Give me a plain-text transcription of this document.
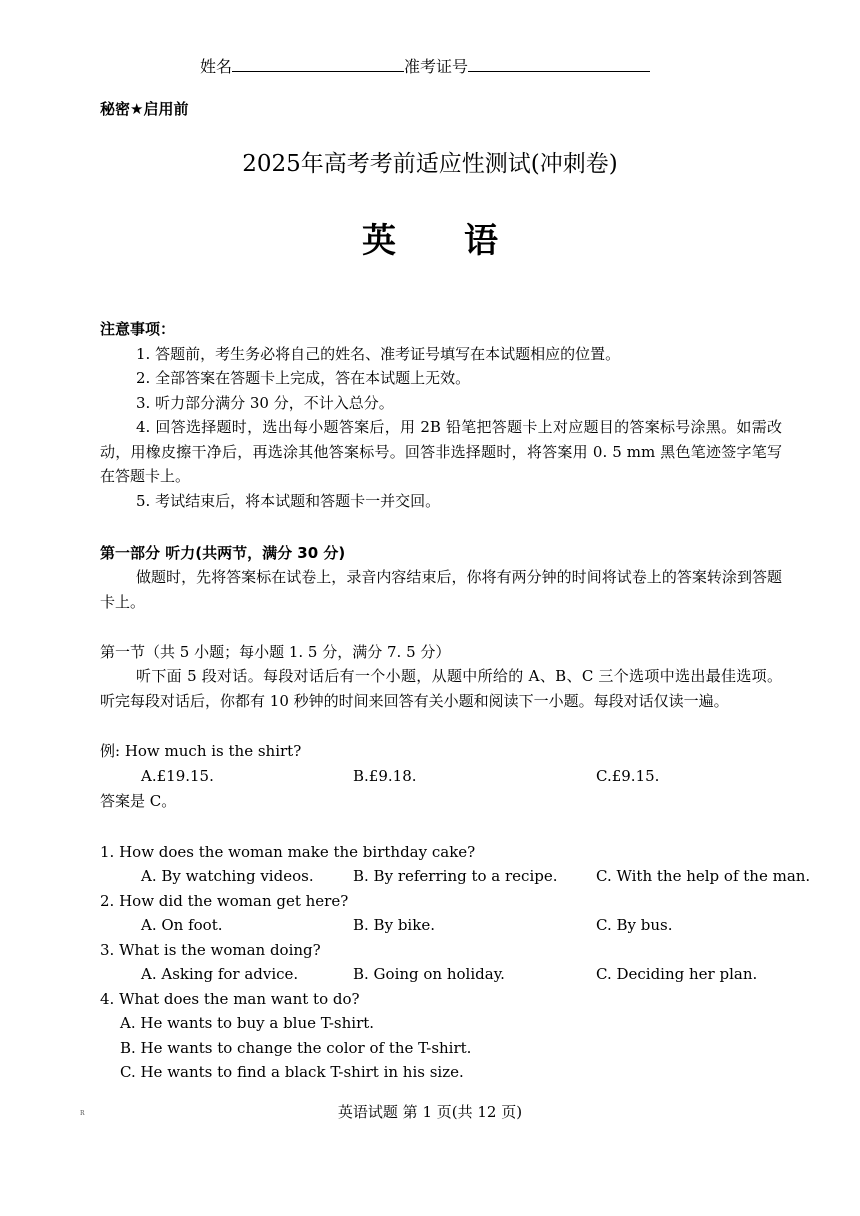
姓名	准考证号
秘密★启用前
2025年高考考前适应性测试(冲刺卷)
英　　语
注意事项：
1. 答题前，考生务必将自己的姓名、准考证号填写在本试题相应的位置。
2. 全部答案在答题卡上完成，答在本试题上无效。
3. 听力部分满分 30 分，不计入总分。
4. 回答选择题时，选出每小题答案后，用 2B 铅笔把答题卡上对应题目的答案标号涂黑。如需改动，用橡皮擦干净后，再选涂其他答案标号。回答非选择题时，将答案用 0. 5 mm 黑色笔迹签字笔写在答题卡上。
5. 考试结束后，将本试题和答题卡一并交回。
第一部分 听力(共两节，满分 30 分)
做题时，先将答案标在试卷上，录音内容结束后，你将有两分钟的时间将试卷上的答案转涂到答题卡上。
第一节（共 5 小题；每小题 1. 5 分，满分 7. 5 分）
听下面 5 段对话。每段对话后有一个小题，从题中所给的 A、B、C 三个选项中选出最佳选项。听完每段对话后，你都有 10 秒钟的时间来回答有关小题和阅读下一小题。每段对话仅读一遍。
例: How much is the shirt?
A.£19.15.	B.£9.18.	C.£9.15.
答案是 C。
1. How does the woman make the birthday cake?
A. By watching videos.	B. By referring to a recipe.	C. With the help of the man.
2. How did the woman get here?
A. On foot.	B. By bike.	C. By bus.
3. What is the woman doing?
A. Asking for advice.	B. Going on holiday.	C. Deciding her plan.
4. What does the man want to do?
A. He wants to buy a blue T-shirt.
B. He wants to change the color of the T-shirt.
C. He wants to find a black T-shirt in his size.
R	英语试题 第 1 页(共 12 页)
